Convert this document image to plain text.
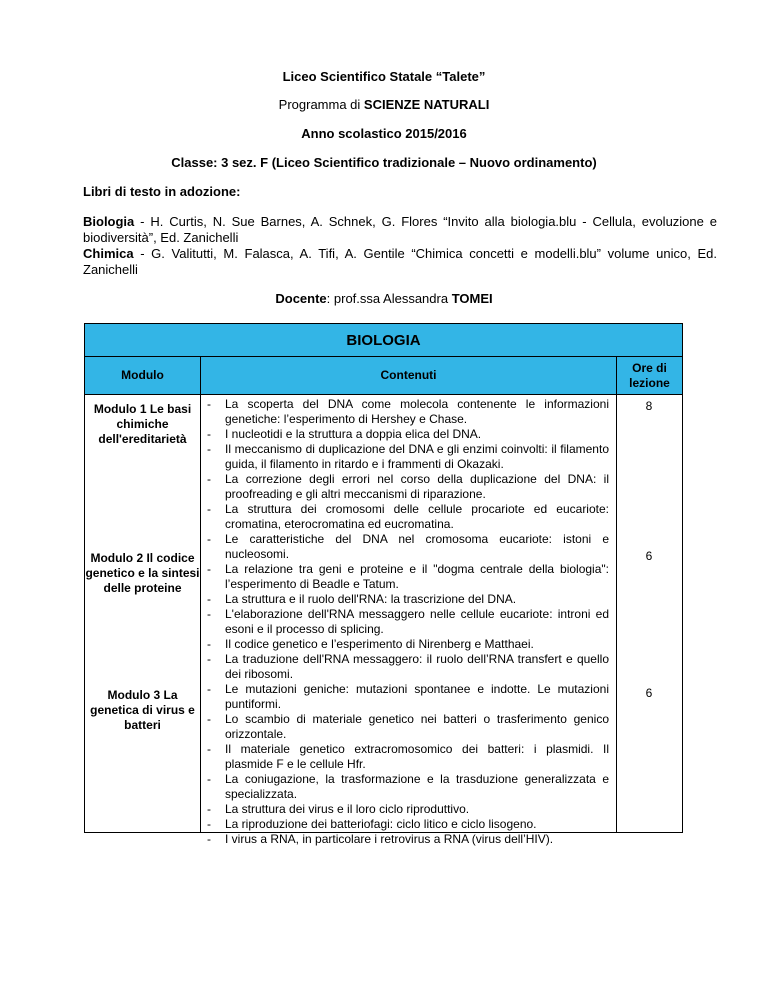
Liceo Scientifico Statale “Talete”
Programma di SCIENZE NATURALI
Anno scolastico 2015/2016
Classe: 3 sez. F (Liceo Scientifico tradizionale – Nuovo ordinamento)
Libri di testo in adozione:
Biologia - H. Curtis, N. Sue Barnes, A. Schnek, G. Flores “Invito alla biologia.blu - Cellula, evoluzione e biodiversità”, Ed. Zanichelli
Chimica - G. Valitutti, M. Falasca, A. Tifi, A. Gentile “Chimica concetti e modelli.blu” volume unico, Ed. Zanichelli
Docente: prof.ssa Alessandra TOMEI
BIOLOGIA
Modulo	Contenuti
Ore di lezione
Modulo 1 Le basi chimiche dell'ereditarietà
Modulo 2 Il codice genetico e la sintesi delle proteine
Modulo 3 La genetica di virus e batteri
8
6
6
- La scoperta del DNA come molecola contenente le informazioni genetiche: l’esperimento di Hershey e Chase.
- I nucleotidi e la struttura a doppia elica del DNA.
- Il meccanismo di duplicazione del DNA e gli enzimi coinvolti: il filamento guida, il filamento in ritardo e i frammenti di Okazaki.
- La correzione degli errori nel corso della duplicazione del DNA: il proofreading e gli altri meccanismi di riparazione.
- La struttura dei cromosomi delle cellule procariote ed eucariote: cromatina, eterocromatina ed eucromatina.
- Le caratteristiche del DNA nel cromosoma eucariote: istoni e nucleosomi.
- La relazione tra geni e proteine e il "dogma centrale della biologia": l’esperimento di Beadle e Tatum.
- La struttura e il ruolo dell'RNA: la trascrizione del DNA.
- L'elaborazione dell'RNA messaggero nelle cellule eucariote: introni ed esoni e il processo di splicing.
- Il codice genetico e l’esperimento di Nirenberg e Matthaei.
- La traduzione dell'RNA messaggero: il ruolo dell’RNA transfert e quello dei ribosomi.
- Le mutazioni geniche: mutazioni spontanee e indotte. Le mutazioni puntiformi.
- Lo scambio di materiale genetico nei batteri o trasferimento genico orizzontale.
- Il materiale genetico extracromosomico dei batteri: i plasmidi. Il plasmide F e le cellule Hfr.
- La coniugazione, la trasformazione e la trasduzione generalizzata e specializzata.
- La struttura dei virus e il loro ciclo riproduttivo.
- La riproduzione dei batteriofagi: ciclo litico e ciclo lisogeno.
- I virus a RNA, in particolare i retrovirus a RNA (virus dell’HIV).
